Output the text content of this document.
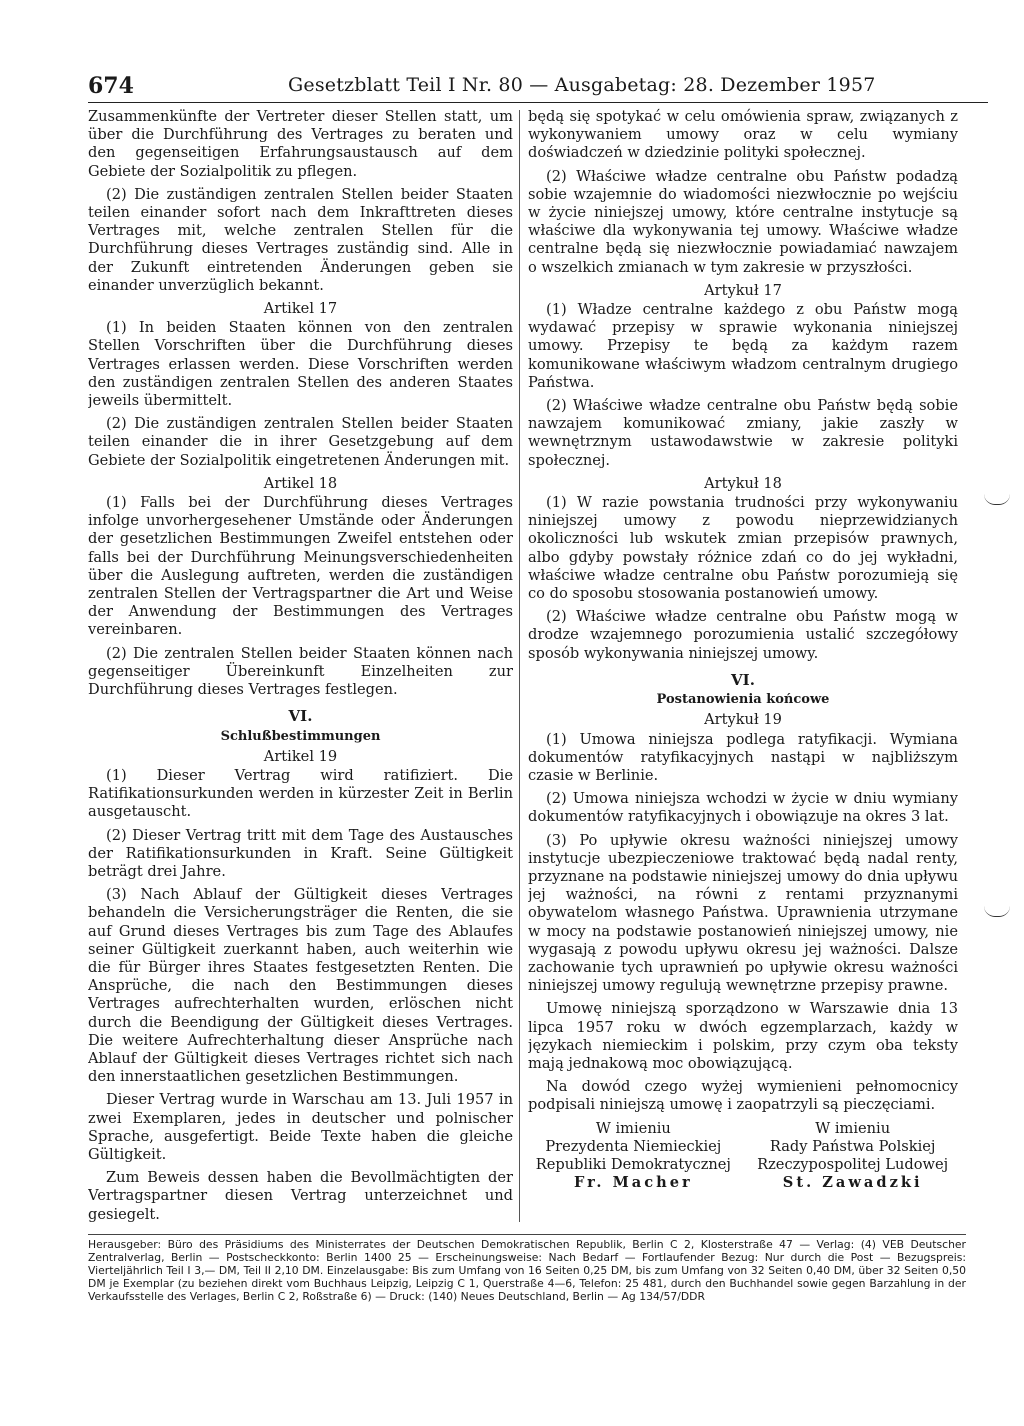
674	Gesetzblatt Teil I Nr. 80 — Ausgabetag: 28. Dezember 1957

Zusammenkünfte der Vertreter dieser Stellen statt, um über die Durchführung des Vertrages zu beraten und den gegenseitigen Erfahrungsaustausch auf dem Gebiete der Sozialpolitik zu pflegen.

(2) Die zuständigen zentralen Stellen beider Staaten teilen einander sofort nach dem Inkrafttreten dieses Vertrages mit, welche zentralen Stellen für die Durchführung dieses Vertrages zuständig sind. Alle in der Zukunft eintretenden Änderungen geben sie einander unverzüglich bekannt.

Artikel 17

(1) In beiden Staaten können von den zentralen Stellen Vorschriften über die Durchführung dieses Vertrages erlassen werden. Diese Vorschriften werden den zuständigen zentralen Stellen des anderen Staates jeweils übermittelt.

(2) Die zuständigen zentralen Stellen beider Staaten teilen einander die in ihrer Gesetzgebung auf dem Gebiete der Sozialpolitik eingetretenen Änderungen mit.

Artikel 18

(1) Falls bei der Durchführung dieses Vertrages infolge unvorhergesehener Umstände oder Änderungen der gesetzlichen Bestimmungen Zweifel entstehen oder falls bei der Durchführung Meinungsverschiedenheiten über die Auslegung auftreten, werden die zuständigen zentralen Stellen der Vertragspartner die Art und Weise der Anwendung der Bestimmungen des Vertrages vereinbaren.

(2) Die zentralen Stellen beider Staaten können nach gegenseitiger Übereinkunft Einzelheiten zur Durchführung dieses Vertrages festlegen.

VI.
Schlußbestimmungen
Artikel 19

(1) Dieser Vertrag wird ratifiziert. Die Ratifikationsurkunden werden in kürzester Zeit in Berlin ausgetauscht.

(2) Dieser Vertrag tritt mit dem Tage des Austausches der Ratifikationsurkunden in Kraft. Seine Gültigkeit beträgt drei Jahre.

(3) Nach Ablauf der Gültigkeit dieses Vertrages behandeln die Versicherungsträger die Renten, die sie auf Grund dieses Vertrages bis zum Tage des Ablaufes seiner Gültigkeit zuerkannt haben, auch weiterhin wie die für Bürger ihres Staates festgesetzten Renten. Die Ansprüche, die nach den Bestimmungen dieses Vertrages aufrechterhalten wurden, erlöschen nicht durch die Beendigung der Gültigkeit dieses Vertrages. Die weitere Aufrechterhaltung dieser Ansprüche nach Ablauf der Gültigkeit dieses Vertrages richtet sich nach den innerstaatlichen gesetzlichen Bestimmungen.

Dieser Vertrag wurde in Warschau am 13. Juli 1957 in zwei Exemplaren, jedes in deutscher und polnischer Sprache, ausgefertigt. Beide Texte haben die gleiche Gültigkeit.

Zum Beweis dessen haben die Bevollmächtigten der Vertragspartner diesen Vertrag unterzeichnet und gesiegelt.

będą się spotykać w celu omówienia spraw, związanych z wykonywaniem umowy oraz w celu wymiany doświadczeń w dziedzinie polityki społecznej.

(2) Właściwe władze centralne obu Państw podadzą sobie wzajemnie do wiadomości niezwłocznie po wejściu w życie niniejszej umowy, które centralne instytucje są właściwe dla wykonywania tej umowy. Właściwe władze centralne będą się niezwłocznie powiadamiać nawzajem o wszelkich zmianach w tym zakresie w przyszłości.

Artykuł 17

(1) Władze centralne każdego z obu Państw mogą wydawać przepisy w sprawie wykonania niniejszej umowy. Przepisy te będą za każdym razem komunikowane właściwym władzom centralnym drugiego Państwa.

(2) Właściwe władze centralne obu Państw będą sobie nawzajem komunikować zmiany, jakie zaszły w wewnętrznym ustawodawstwie w zakresie polityki społecznej.

Artykuł 18

(1) W razie powstania trudności przy wykonywaniu niniejszej umowy z powodu nieprzewidzianych okoliczności lub wskutek zmian przepisów prawnych, albo gdyby powstały różnice zdań co do jej wykładni, właściwe władze centralne obu Państw porozumieją się co do sposobu stosowania postanowień umowy.

(2) Właściwe władze centralne obu Państw mogą w drodze wzajemnego porozumienia ustalić szczegółowy sposób wykonywania niniejszej umowy.

VI.
Postanowienia końcowe
Artykuł 19

(1) Umowa niniejsza podlega ratyfikacji. Wymiana dokumentów ratyfikacyjnych nastąpi w najbliższym czasie w Berlinie.

(2) Umowa niniejsza wchodzi w życie w dniu wymiany dokumentów ratyfikacyjnych i obowiązuje na okres 3 lat.

(3) Po upływie okresu ważności niniejszej umowy instytucje ubezpieczeniowe traktować będą nadal renty, przyznane na podstawie niniejszej umowy do dnia upływu jej ważności, na równi z rentami przyznanymi obywatelom własnego Państwa. Uprawnienia utrzymane w mocy na podstawie postanowień niniejszej umowy, nie wygasają z powodu upływu okresu jej ważności. Dalsze zachowanie tych uprawnień po upływie okresu ważności niniejszej umowy regulują wewnętrzne przepisy prawne.

Umowę niniejszą sporządzono w Warszawie dnia 13 lipca 1957 roku w dwóch egzemplarzach, każdy w językach niemieckim i polskim, przy czym oba teksty mają jednakową moc obowiązującą.

Na dowód czego wyżej wymienieni pełnomocnicy podpisali niniejszą umowę i zaopatrzyli są pieczęciami.

W imieniu
Prezydenta Niemieckiej
Republiki Demokratycznej
Fr. Macher
W imieniu
Rady Państwa Polskiej
Rzeczypospolitej Ludowej
St. Zawadzki
Herausgeber: Büro des Präsidiums des Ministerrates der Deutschen Demokratischen Republik, Berlin C 2, Klosterstraße 47 — Verlag: (4) VEB Deutscher Zentralverlag, Berlin — Postscheckkonto: Berlin 1400 25 — Erscheinungsweise: Nach Bedarf — Fortlaufender Bezug: Nur durch die Post — Bezugspreis: Vierteljährlich Teil I 3,— DM, Teil II 2,10 DM. Einzelausgabe: Bis zum Umfang von 16 Seiten 0,25 DM, bis zum Umfang von 32 Seiten 0,40 DM, über 32 Seiten 0,50 DM je Exemplar (zu beziehen direkt vom Buchhaus Leipzig, Leipzig C 1, Querstraße 4—6, Telefon: 25 481, durch den Buchhandel sowie gegen Barzahlung in der Verkaufsstelle des Verlages, Berlin C 2, Roßstraße 6) — Druck: (140) Neues Deutschland, Berlin — Ag 134/57/DDR
